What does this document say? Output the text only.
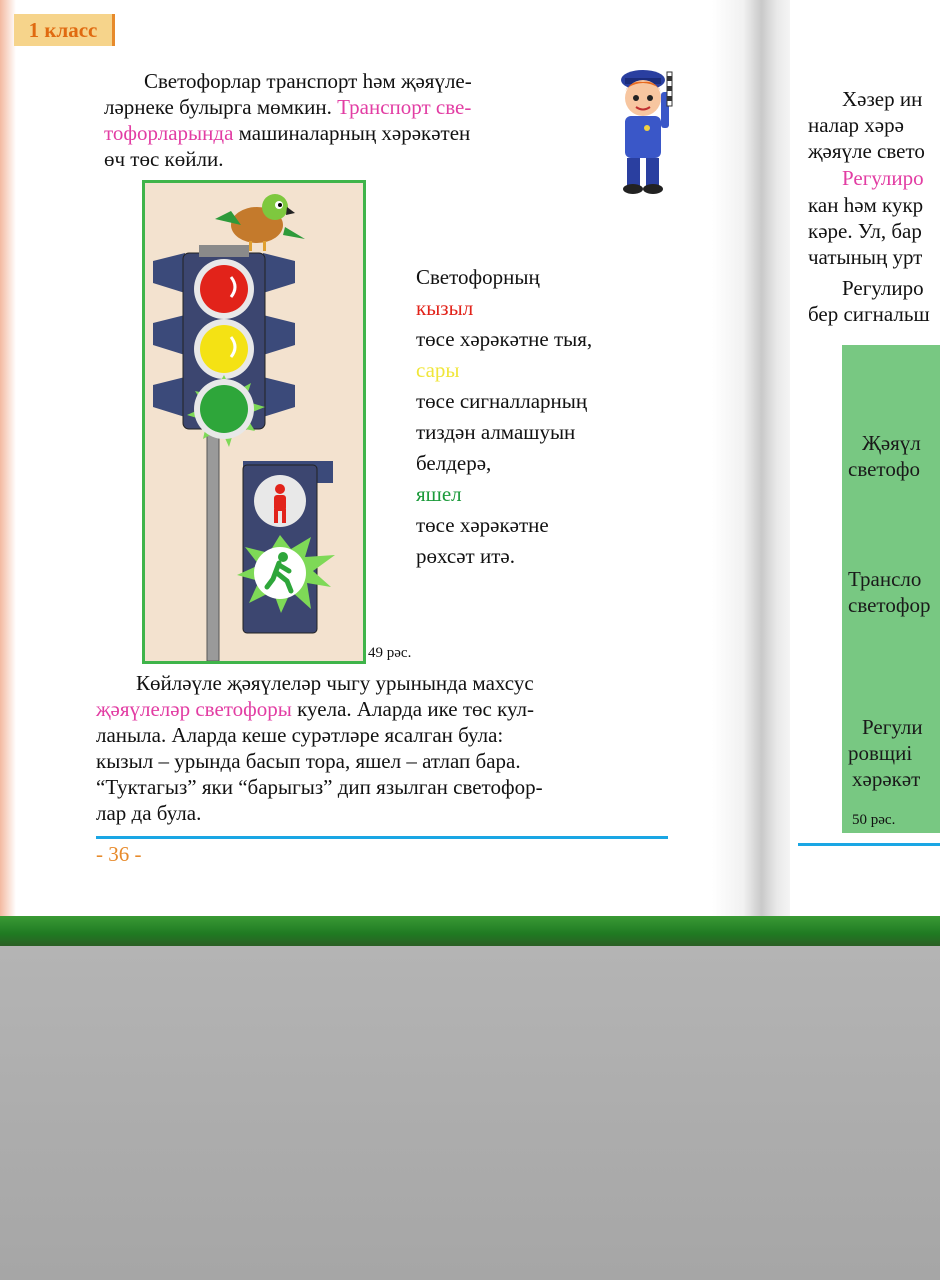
1 класс
Светофорлар транспорт һәм җәяүле-
ләрнеке булырга мөмкин. Транспорт све-
тофорларында машиналарның хәрәкәтен
өч төс көйли.
49 рәс.
Светофорның
кызыл
төсе хәрәкәтне тыя,
сары
төсе сигналларның
тиздән алмашуын
белдерә,
яшел
төсе хәрәкәтне
рөхсәт итә.
Көйләүле җәяүлеләр чыгу урынында махсус
җәяүлеләр светофоры куела. Аларда ике төс кул-
ланыла. Аларда кеше сурәтләре ясалган була:
кызыл – урында басып тора, яшел – атлап бара.
“Туктагыз” яки “барыгыз” дип язылган светофор-
лар да була.
- 36 -
Хәзер ин
налар хәрә
җәяүле свето
Регулиро
кан һәм кукр
кәре. Ул, бар
чатының урт
Регулиро
бер сигнальш
Җәяүл
светофо
Трансло
светофор
Регули
ровщиі
хәрәкәт
50 рәс.
